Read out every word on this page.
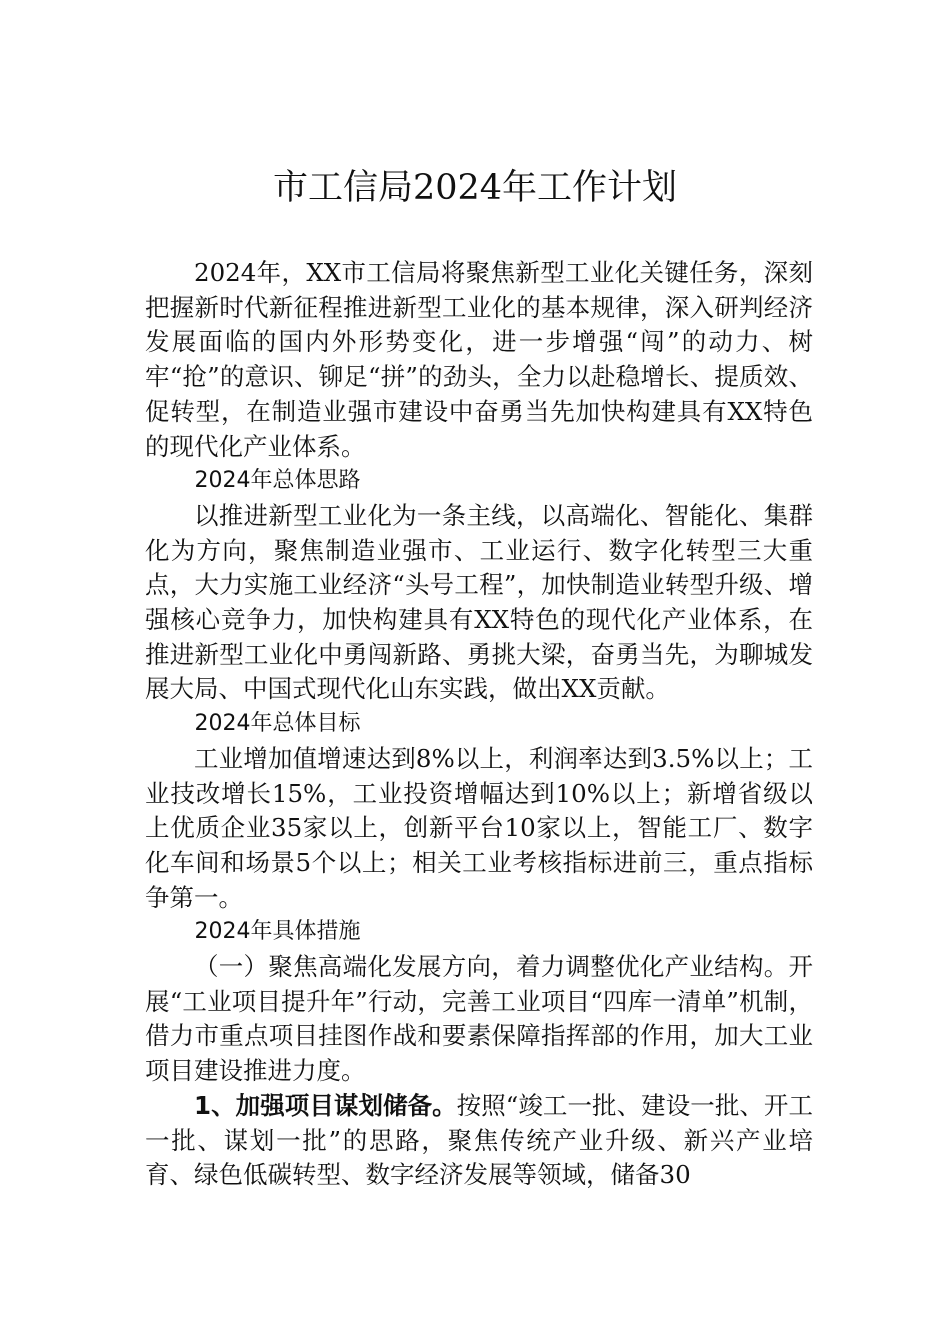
市工信局2024年工作计划

2024年，XX市工信局将聚焦新型工业化关键任务，深刻把握新时代新征程推进新型工业化的基本规律，深入研判经济发展面临的国内外形势变化，进一步增强“闯”的动力、树牢“抢”的意识、铆足“拼”的劲头，全力以赴稳增长、提质效、促转型，在制造业强市建设中奋勇当先加快构建具有XX特色的现代化产业体系。

2024年总体思路

以推进新型工业化为一条主线，以高端化、智能化、集群化为方向，聚焦制造业强市、工业运行、数字化转型三大重点，大力实施工业经济“头号工程”，加快制造业转型升级、增强核心竞争力，加快构建具有XX特色的现代化产业体系，在推进新型工业化中勇闯新路、勇挑大梁，奋勇当先，为聊城发展大局、中国式现代化山东实践，做出XX贡献。

2024年总体目标

工业增加值增速达到8%以上，利润率达到3.5%以上；工业技改增长15%，工业投资增幅达到10%以上；新增省级以上优质企业35家以上，创新平台10家以上，智能工厂、数字化车间和场景5个以上；相关工业考核指标进前三，重点指标争第一。

2024年具体措施

（一）聚焦高端化发展方向，着力调整优化产业结构。开展“工业项目提升年”行动，完善工业项目“四库一清单”机制，借力市重点项目挂图作战和要素保障指挥部的作用，加大工业项目建设推进力度。

1、加强项目谋划储备。按照“竣工一批、建设一批、开工一批、谋划一批”的思路，聚焦传统产业升级、新兴产业培育、绿色低碳转型、数字经济发展等领域，储备30
